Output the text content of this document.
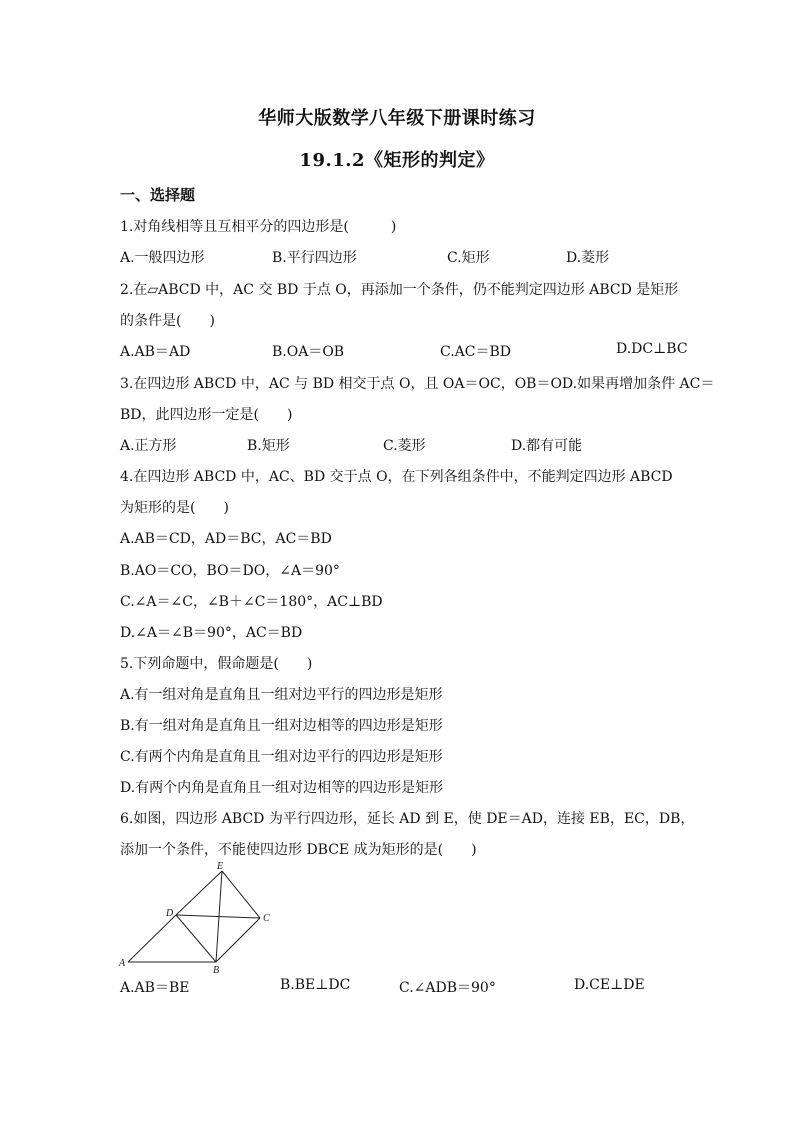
华师大版数学八年级下册课时练习
19.1.2《矩形的判定》
一、选择题
1.对角线相等且互相平分的四边形是(　　　)
A.一般四边形	B.平行四边形	C.矩形	D.菱形
2.在▱ABCD 中，AC 交 BD 于点 O，再添加一个条件，仍不能判定四边形 ABCD 是矩形
的条件是(　　)
A.AB＝AD	B.OA＝OB	C.AC＝BD	D.DC⊥BC
3.在四边形 ABCD 中，AC 与 BD 相交于点 O，且 OA＝OC，OB＝OD.如果再增加条件 AC＝
BD，此四边形一定是(　　)
A.正方形	B.矩形	C.菱形	D.都有可能
4.在四边形 ABCD 中，AC、BD 交于点 O，在下列各组条件中，不能判定四边形 ABCD
为矩形的是(　　)
A.AB＝CD，AD＝BC，AC＝BD
B.AO＝CO，BO＝DO，∠A＝90°
C.∠A＝∠C，∠B＋∠C＝180°，AC⊥BD
D.∠A＝∠B＝90°，AC＝BD
5.下列命题中，假命题是(　　)
A.有一组对角是直角且一组对边平行的四边形是矩形
B.有一组对角是直角且一组对边相等的四边形是矩形
C.有两个内角是直角且一组对边平行的四边形是矩形
D.有两个内角是直角且一组对边相等的四边形是矩形
6.如图，四边形 ABCD 为平行四边形，延长 AD 到 E，使 DE＝AD，连接 EB，EC，DB，
添加一个条件，不能使四边形 DBCE 成为矩形的是(　　)
E
D	C
A
B
A.AB＝BE	B.BE⊥DC	C.∠ADB＝90°	D.CE⊥DE
